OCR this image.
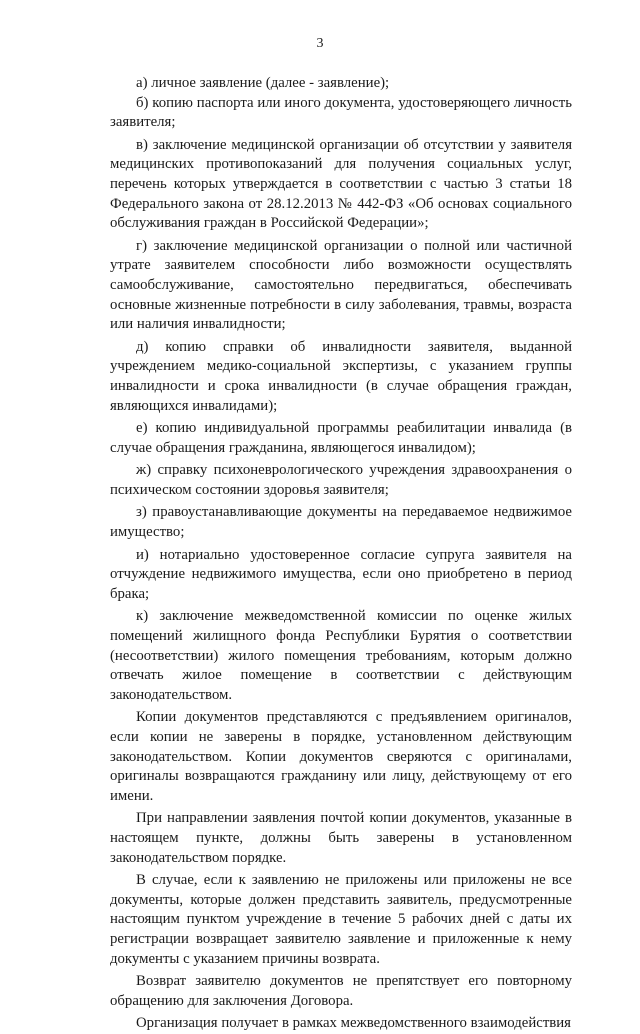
3

а) личное заявление (далее - заявление);

б) копию паспорта или иного документа, удостоверяющего личность заявителя;

в) заключение медицинской организации об отсутствии у заявителя медицинских противопоказаний для получения социальных услуг, перечень которых утверждается в соответствии с частью 3 статьи 18 Федерального закона от 28.12.2013 № 442-ФЗ «Об основах социального обслуживания граждан в Российской Федерации»;

г) заключение медицинской организации о полной или частичной утрате заявителем способности либо возможности осуществлять самообслуживание, самостоятельно передвигаться, обеспечивать основные жизненные потребности в силу заболевания, травмы, возраста или наличия инвалидности;

д) копию справки об инвалидности заявителя, выданной учреждением медико-социальной экспертизы, с указанием группы инвалидности и срока инвалидности (в случае обращения граждан, являющихся инвалидами);

е) копию индивидуальной программы реабилитации инвалида (в случае обращения гражданина, являющегося инвалидом);

ж) справку психоневрологического учреждения здравоохранения о психическом состоянии здоровья заявителя;

з) правоустанавливающие документы на передаваемое недвижимое имущество;

и) нотариально удостоверенное согласие супруга заявителя на отчуждение недвижимого имущества, если оно приобретено в период брака;

к) заключение межведомственной комиссии по оценке жилых помещений жилищного фонда Республики Бурятия о соответствии (несоответствии) жилого помещения требованиям, которым должно отвечать жилое помещение в соответствии с действующим законодательством.

Копии документов представляются с предъявлением оригиналов, если копии не заверены в порядке, установленном действующим законодательством. Копии документов сверяются с оригиналами, оригиналы возвращаются гражданину или лицу, действующему от его имени.

При направлении заявления почтой копии документов, указанные в настоящем пункте, должны быть заверены в установленном законодательством порядке.

В случае, если к заявлению не приложены или приложены не все документы, которые должен представить заявитель, предусмотренные настоящим пунктом учреждение в течение 5 рабочих дней с даты их регистрации возвращает заявителю заявление и приложенные к нему документы с указанием причины возврата.

Возврат заявителю документов не препятствует его повторному обращению для заключения Договора.

Организация получает в рамках межведомственного взаимодействия
